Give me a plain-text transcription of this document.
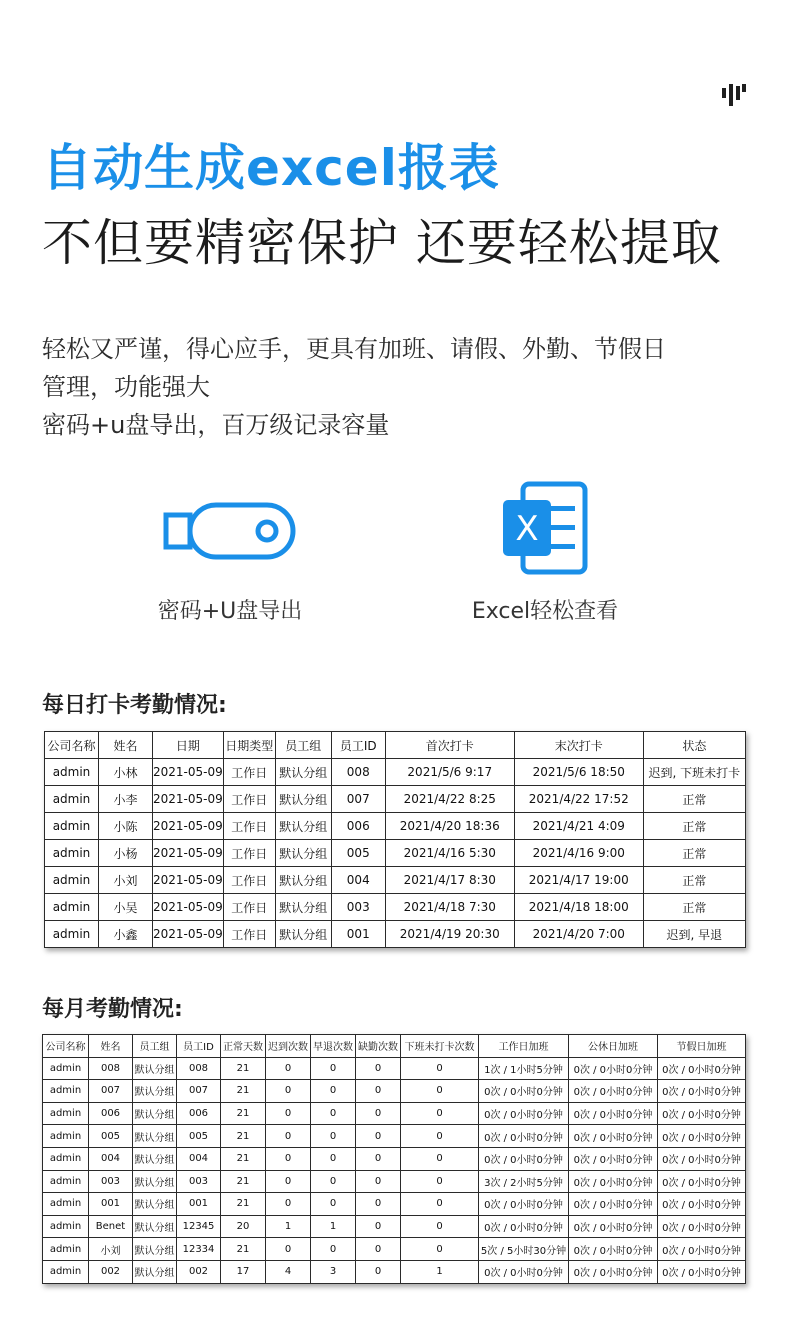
自动生成excel报表
不但要精密保护 还要轻松提取

轻松又严谨，得心应手，更具有加班、请假、外勤、节假日

管理，功能强大

密码+u盘导出，百万级记录容量

密码+U盘导出
X
Excel轻松查看
每日打卡考勤情况:
公司名称	姓名	日期	日期类型	员工组	员工ID	首次打卡	末次打卡	状态
admin	小林	2021-05-09	工作日	默认分组	008	2021/5/6 9:17	2021/5/6 18:50	迟到, 下班未打卡
admin	小李	2021-05-09	工作日	默认分组	007	2021/4/22 8:25	2021/4/22 17:52	正常
admin	小陈	2021-05-09	工作日	默认分组	006	2021/4/20 18:36	2021/4/21 4:09	正常
admin	小杨	2021-05-09	工作日	默认分组	005	2021/4/16 5:30	2021/4/16 9:00	正常
admin	小刘	2021-05-09	工作日	默认分组	004	2021/4/17 8:30	2021/4/17 19:00	正常
admin	小吴	2021-05-09	工作日	默认分组	003	2021/4/18 7:30	2021/4/18 18:00	正常
admin	小鑫	2021-05-09	工作日	默认分组	001	2021/4/19 20:30	2021/4/20 7:00	迟到, 早退
每月考勤情况:
公司名称	姓名	员工组	员工ID	正常天数	迟到次数	早退次数	缺勤次数	下班未打卡次数	工作日加班	公休日加班	节假日加班
admin	008	默认分组	008	21	0	0	0	0	1次 / 1小时5分钟	0次 / 0小时0分钟	0次 / 0小时0分钟
admin	007	默认分组	007	21	0	0	0	0	0次 / 0小时0分钟	0次 / 0小时0分钟	0次 / 0小时0分钟
admin	006	默认分组	006	21	0	0	0	0	0次 / 0小时0分钟	0次 / 0小时0分钟	0次 / 0小时0分钟
admin	005	默认分组	005	21	0	0	0	0	0次 / 0小时0分钟	0次 / 0小时0分钟	0次 / 0小时0分钟
admin	004	默认分组	004	21	0	0	0	0	0次 / 0小时0分钟	0次 / 0小时0分钟	0次 / 0小时0分钟
admin	003	默认分组	003	21	0	0	0	0	3次 / 2小时5分钟	0次 / 0小时0分钟	0次 / 0小时0分钟
admin	001	默认分组	001	21	0	0	0	0	0次 / 0小时0分钟	0次 / 0小时0分钟	0次 / 0小时0分钟
admin	Benet	默认分组	12345	20	1	1	0	0	0次 / 0小时0分钟	0次 / 0小时0分钟	0次 / 0小时0分钟
admin	小刘	默认分组	12334	21	0	0	0	0	5次 / 5小时30分钟	0次 / 0小时0分钟	0次 / 0小时0分钟
admin	002	默认分组	002	17	4	3	0	1	0次 / 0小时0分钟	0次 / 0小时0分钟	0次 / 0小时0分钟
